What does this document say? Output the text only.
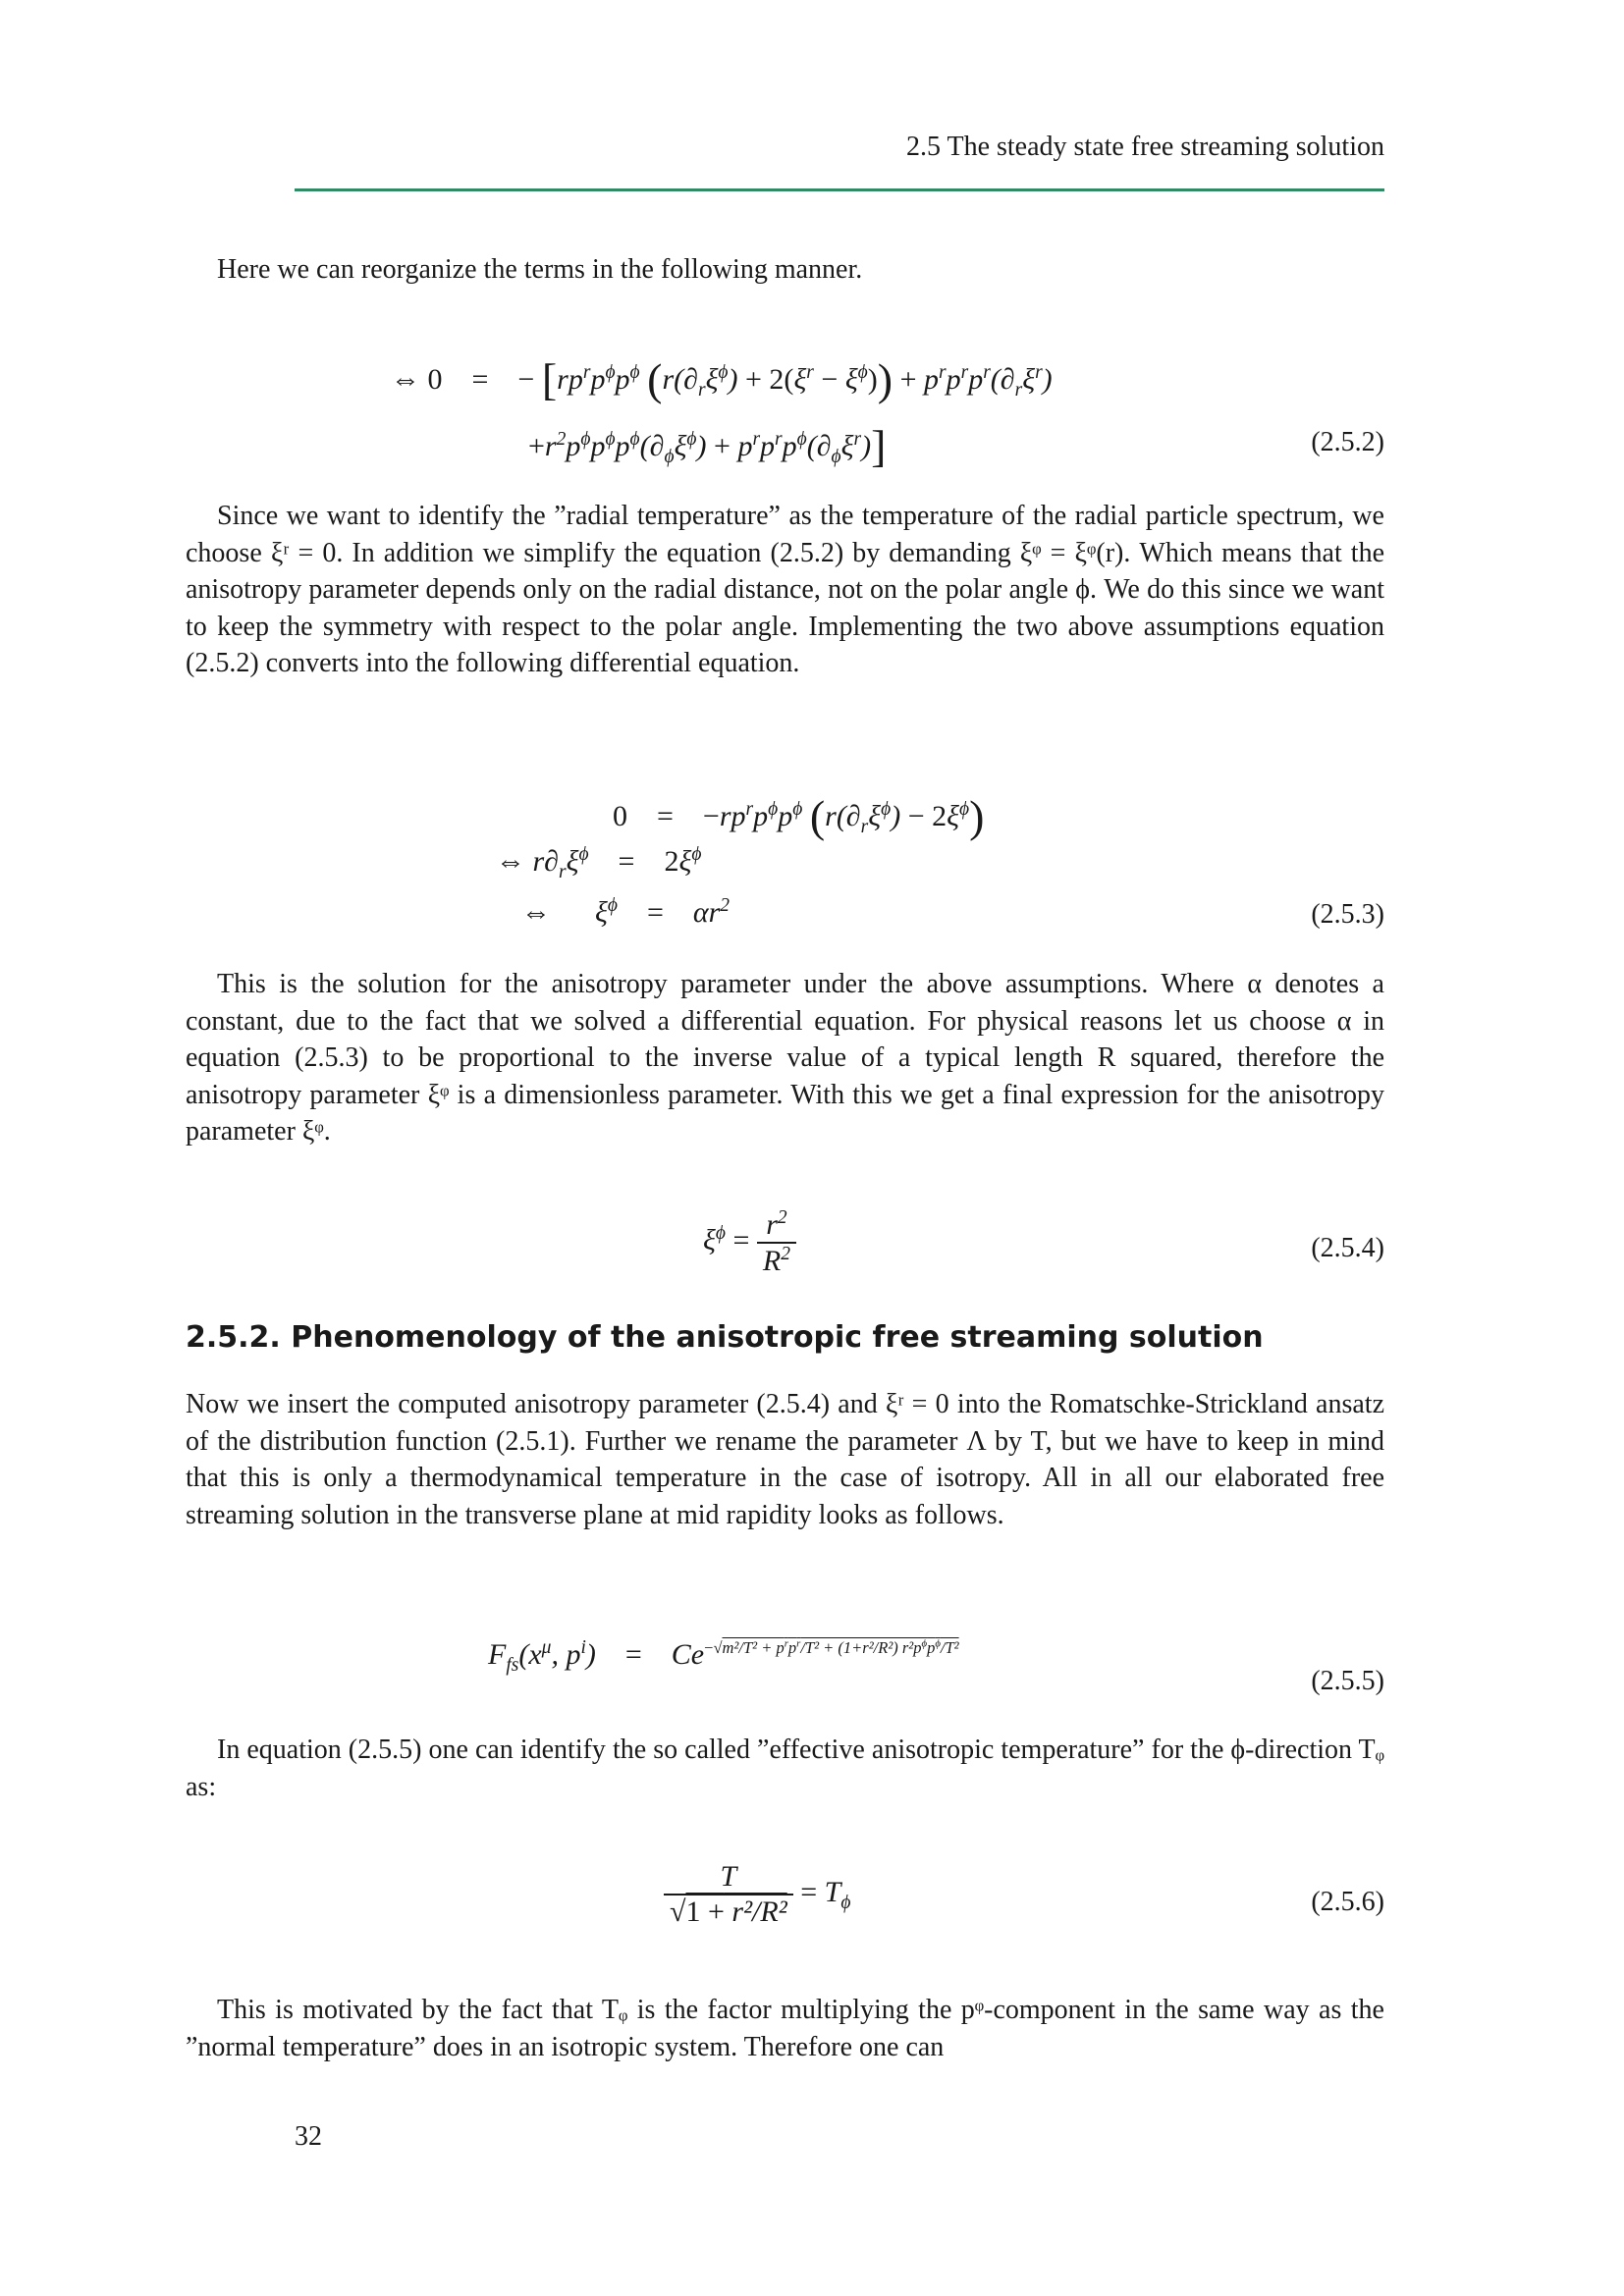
2.5 The steady state free streaming solution

Here we can reorganize the terms in the following manner.

⇔ 0 = − [$rp^rp^\phi p^\phi$ $(r(\partial_r\xi^\phi) + 2(\xi^r - \xi^\phi)) + p^rp^rp^r(\partial_r\xi^r)$
$+r^2p^\phi p^\phi p^\phi(\partial_\phi\xi^\phi) + p^rp^rp^\phi(\partial_\phi\xi^r)$]	(2.5.2)

Since we want to identify the ”radial temperature” as the temperature of the radial particle spectrum, we choose ξʳ = 0. In addition we simplify the equation (2.5.2) by demanding ξᵠ = ξᵠ(r). Which means that the anisotropy parameter depends only on the radial distance, not on the polar angle ϕ. We do this since we want to keep the symmetry with respect to the polar angle. Implementing the two above assumptions equation (2.5.2) converts into the following differential equation.

$0 = -rp^rp^\phi p^\phi$ $(r(\partial_r\xi^\phi) - 2\xi^\phi)$
⇔ $r\partial_r\xi^\phi = 2\xi^\phi$
⇔      $\xi^\phi$ =    $\alpha r^2$	(2.5.3)

This is the solution for the anisotropy parameter under the above assumptions. Where α denotes a constant, due to the fact that we solved a differential equation. For physical reasons let us choose α in equation (2.5.3) to be proportional to the inverse value of a typical length R squared, therefore the anisotropy parameter ξᵠ is a dimensionless parameter. With this we get a final expression for the anisotropy parameter ξᵠ.

$\xi^\phi = \frac{r^2}{R^2}$	(2.5.4)
2.5.2. Phenomenology of the anisotropic free streaming solution

Now we insert the computed anisotropy parameter (2.5.4) and ξʳ = 0 into the Romatschke-Strickland ansatz of the distribution function (2.5.1). Further we rename the parameter Λ by T, but we have to keep in mind that this is only a thermodynamical temperature in the case of isotropy. All in all our elaborated free streaming solution in the transverse plane at mid rapidity looks as follows.

$F_{fs}(x^\mu$, $p^i$)    =    $Ce^{-√m^2/T^2 + p^rp^r/T^2 + (1+r^2/R^2) r^2p^\phi p^\phi/T^2}$
(2.5.5)

In equation (2.5.5) one can identify the so called ”effective anisotropic temperature” for the ϕ-direction Tᵩ as:

$\frac{T}{\text{√1 + r²/R²}} = T_\phi$	(2.5.6)

This is motivated by the fact that Tᵩ is the factor multiplying the pᵠ-component in the same way as the ”normal temperature” does in an isotropic system. Therefore one can

32
